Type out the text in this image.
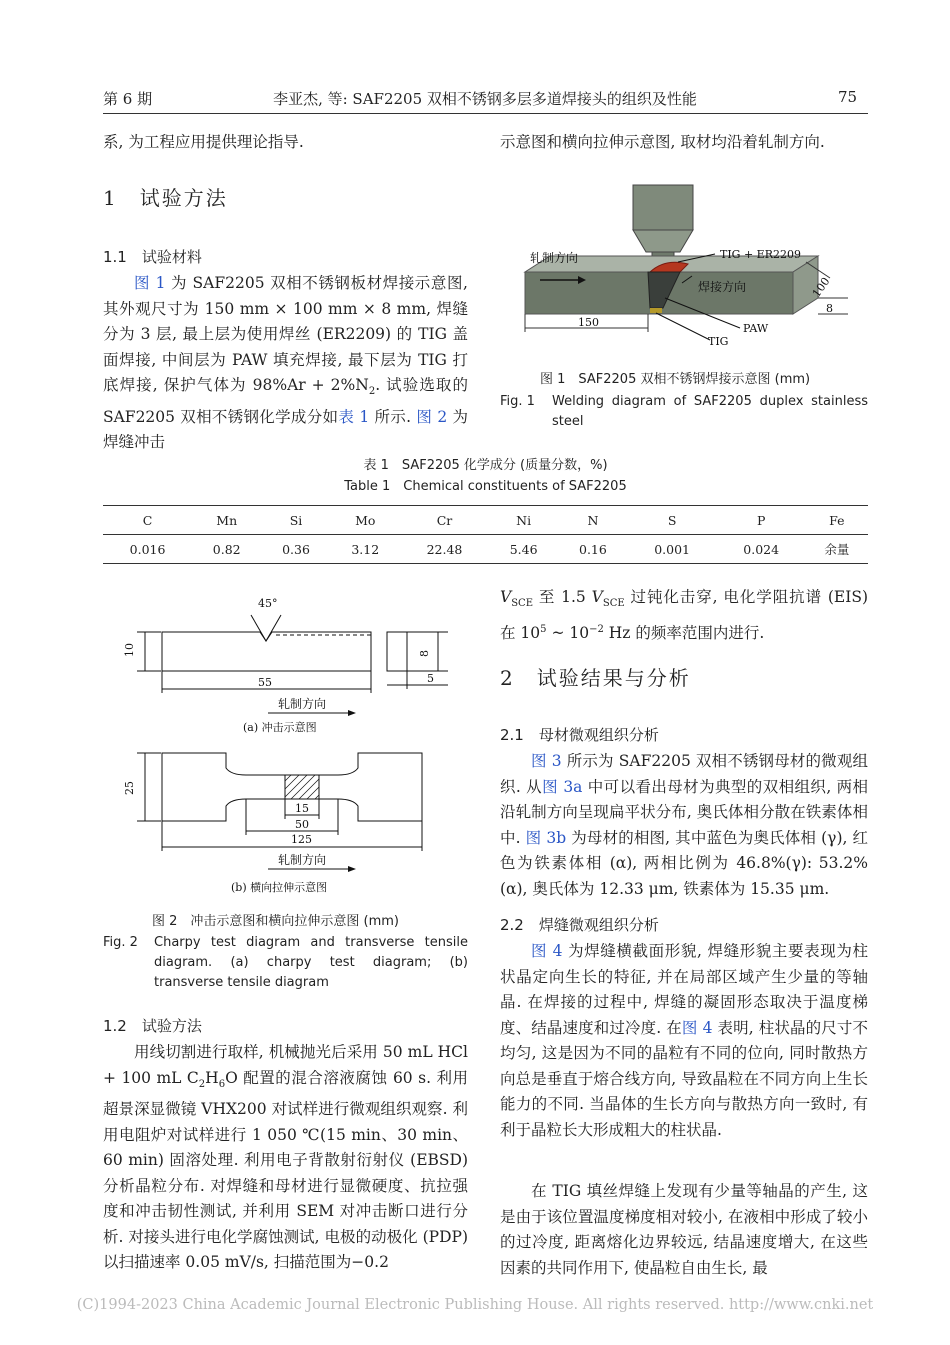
第 6 期	李亚杰, 等: SAF2205 双相不锈钢多层多道焊接头的组织及性能	75
系, 为工程应用提供理论指导.
1　试验方法
1.1　试验材料

图 1 为 SAF2205 双相不锈钢板材焊接示意图, 其外观尺寸为 150 mm × 100 mm × 8 mm, 焊缝分为 3 层, 最上层为使用焊丝 (ER2209) 的 TIG 盖面焊接, 中间层为 PAW 填充焊接, 最下层为 TIG 打底焊接, 保护气体为 $98\%Ar + 2\%N_2$. 试验选取的 SAF2205 双相不锈钢化学成分如表 1 所示. 图 2 为焊缝冲击

示意图和横向拉伸示意图, 取材均沿着轧制方向.
轧制方向
焊接方向
TIG + ER2209
100
8
150	PAW
TIG
图 1　SAF2205 双相不锈钢焊接示意图 (mm)
Fig. 1 Welding diagram of SAF2205 duplex stainless steel
表 1　SAF2205 化学成分 (质量分数，%)
Table 1　Chemical constituents of SAF2205
C	Mn	Si	Mo	Cr	Ni	N	S	P	Fe
0.016	0.82	0.36	3.12	22.48	5.46	0.16	0.001	0.024	余量
45°
10
55	5
8
轧制方向
(a) 冲击示意图
25
15
50
125
轧制方向
(b) 横向拉伸示意图
图 2　冲击示意图和横向拉伸示意图 (mm)
Fig. 2 Charpy test diagram and transverse tensile diagram. (a) charpy test diagram; (b) transverse tensile diagram
1.2　试验方法

用线切割进行取样, 机械抛光后采用 50 mL HCl + 100 mL $C_2H_6O$ 配置的混合溶液腐蚀 60 s. 利用超景深显微镜 VHX200 对试样进行微观组织观察. 利用电阻炉对试样进行 1 050 ℃(15 min、30 min、60 min) 固溶处理. 利用电子背散射衍射仪 (EBSD) 分析晶粒分布. 对焊缝和母材进行显微硬度、抗拉强度和冲击韧性测试, 并利用 SEM 对冲击断口进行分析. 对接头进行电化学腐蚀测试, 电极的动极化 (PDP) 以扫描速率 0.05 mV/s, 扫描范围为−0.2

$V_{SCE}$ 至 1.5 $V_{SCE}$ 过钝化击穿, 电化学阻抗谱 (EIS) 在 $10^5$ ~ $10^{-2}$ Hz 的频率范围内进行.

2　试验结果与分析
2.1　母材微观组织分析

图 3 所示为 SAF2205 双相不锈钢母材的微观组织. 从图 3a 中可以看出母材为典型的双相组织, 两相沿轧制方向呈现扁平状分布, 奥氏体相分散在铁素体相中. 图 3b 为母材的相图, 其中蓝色为奥氏体相 (γ), 红色为铁素体相 (α), 两相比例为 46.8%(γ): 53.2%(α), 奥氏体为 12.33 μm, 铁素体为 15.35 μm.

2.2　焊缝微观组织分析

图 4 为焊缝横截面形貌, 焊缝形貌主要表现为柱状晶定向生长的特征, 并在局部区域产生少量的等轴晶. 在焊接的过程中, 焊缝的凝固形态取决于温度梯度、结晶速度和过冷度. 在图 4 表明, 柱状晶的尺寸不均匀, 这是因为不同的晶粒有不同的位向, 同时散热方向总是垂直于熔合线方向, 导致晶粒在不同方向上生长能力的不同. 当晶体的生长方向与散热方向一致时, 有利于晶粒长大形成粗大的柱状晶.

在 TIG 填丝焊缝上发现有少量等轴晶的产生, 这是由于该位置温度梯度相对较小, 在液相中形成了较小的过冷度, 距离熔化边界较远, 结晶速度增大, 在这些因素的共同作用下, 使晶粒自由生长, 最

(C)1994-2023 China Academic Journal Electronic Publishing House. All rights reserved. http://www.cnki.net
